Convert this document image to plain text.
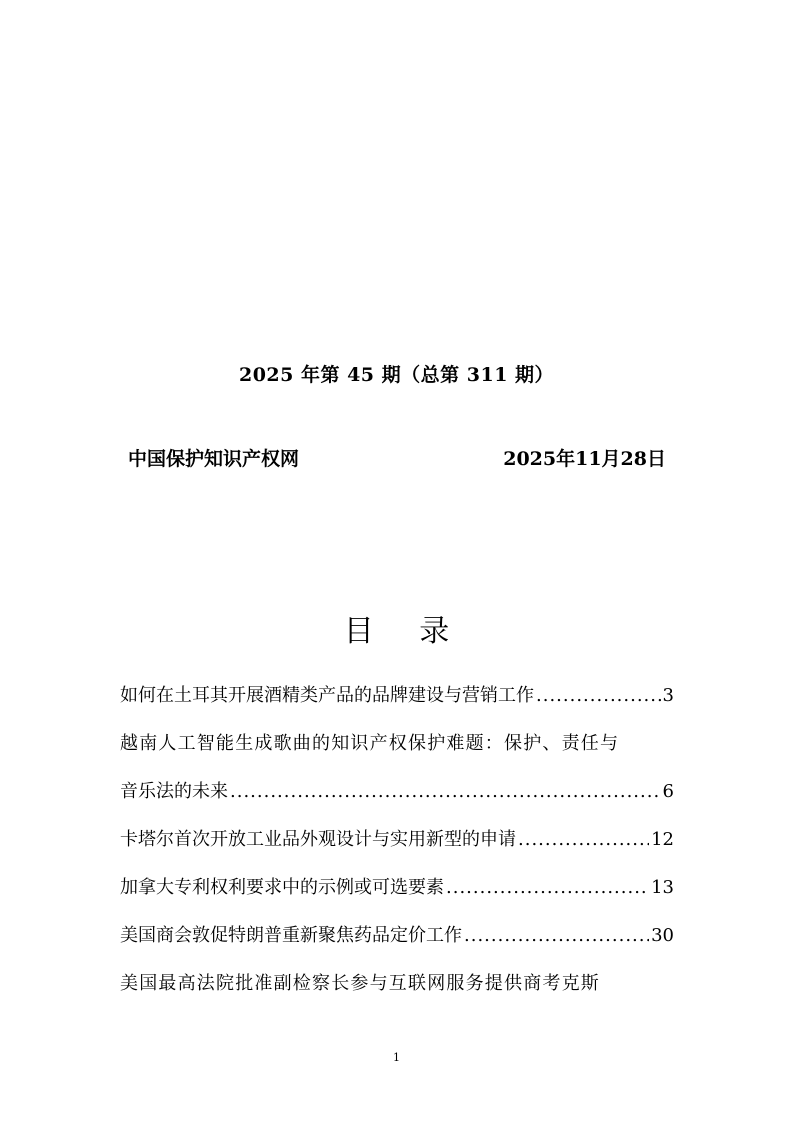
2025 年第 45 期（总第 311 期）
中国保护知识产权网	2025年11月28日
目 录
如何在土耳其开展酒精类产品的品牌建设与营销工作 .....	3
越南人工智能生成歌曲的知识产权保护难题：保护、责任与
音乐法的未来 .....	6
卡塔尔首次开放工业品外观设计与实用新型的申请 .....	12
加拿大专利权利要求中的示例或可选要素 .....	13
美国商会敦促特朗普重新聚焦药品定价工作 .....	30
美国最高法院批准副检察长参与互联网服务提供商考克斯
1
